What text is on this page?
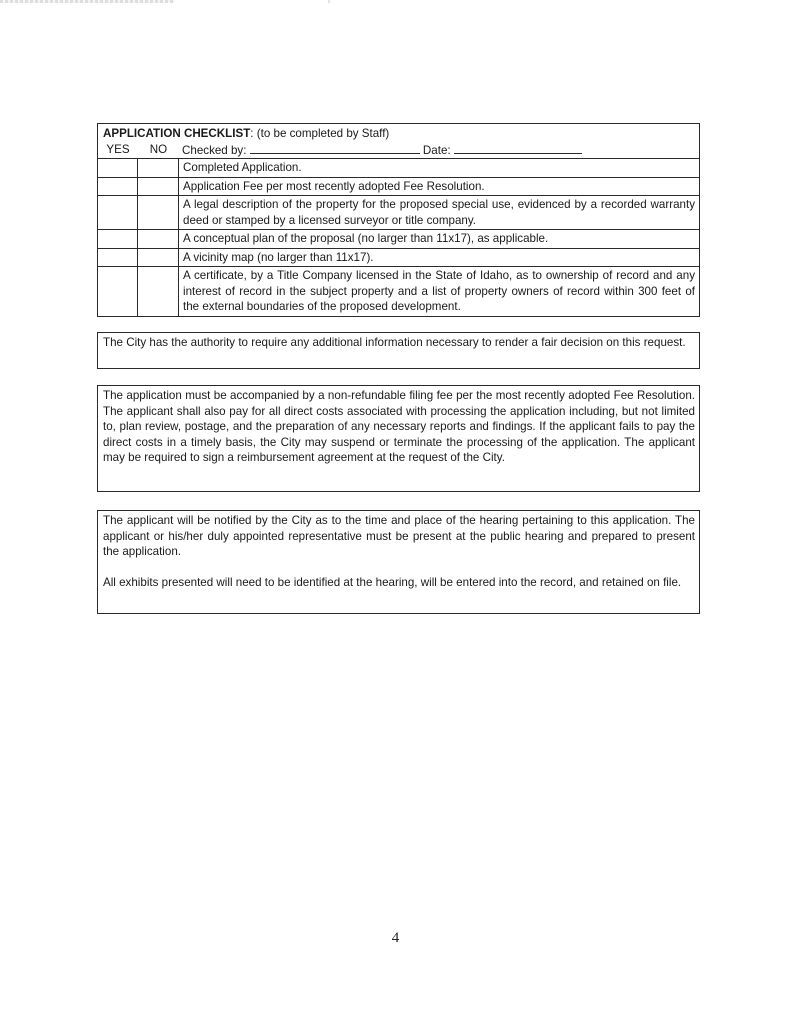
APPLICATION CHECKLIST: (to be completed by Staff)
YES	NO	Checked by:	Date:
Completed Application.
Application Fee per most recently adopted Fee Resolution.
A legal description of the property for the proposed special use, evidenced by a recorded warranty deed or stamped by a licensed surveyor or title company.
A conceptual plan of the proposal (no larger than 11x17), as applicable.
A vicinity map (no larger than 11x17).
A certificate, by a Title Company licensed in the State of Idaho, as to ownership of record and any interest of record in the subject property and a list of property owners of record within 300 feet of the external boundaries of the proposed development.

The City has the authority to require any additional information necessary to render a fair decision on this request.

The application must be accompanied by a non-refundable filing fee per the most recently adopted Fee Resolution. The applicant shall also pay for all direct costs associated with processing the application including, but not limited to, plan review, postage, and the preparation of any necessary reports and findings. If the applicant fails to pay the direct costs in a timely basis, the City may suspend or terminate the processing of the application. The applicant may be required to sign a reimbursement agreement at the request of the City.

The applicant will be notified by the City as to the time and place of the hearing pertaining to this application. The applicant or his/her duly appointed representative must be present at the public hearing and prepared to present the application.

All exhibits presented will need to be identified at the hearing, will be entered into the record, and retained on file.

4
